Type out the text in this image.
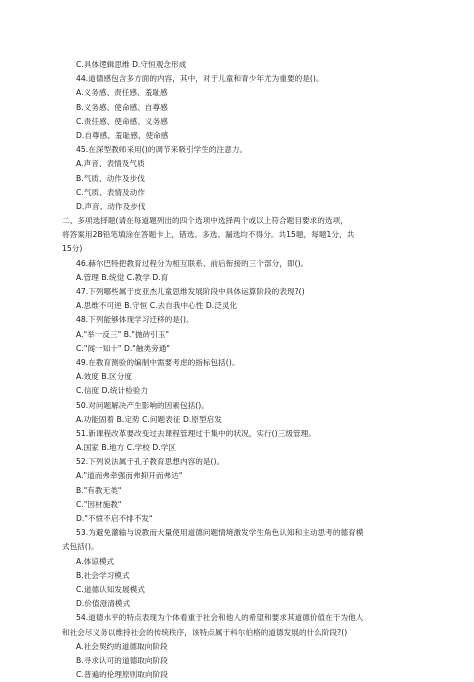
C.具体逻辑思维 D.守恒观念形成
44.道德感包含多方面的内容，其中，对于儿童和青少年尤为重要的是()。
A.义务感、责任感、羞耻感
B.义务感、使命感、自尊感
C.责任感、使命感、义务感
D.自尊感、羞耻感、使命感
45.在深型教师采用()的调节来吸引学生的注意力。
A.声音、表情及气质
B.气质、动作及步伐
C.气质、表情及动作
D.声音、动作及步伐
二、多项选择题(请在每道题列出的四个选项中选择两个或以上符合题目要求的选项，
将答案用2B铅笔填涂在答题卡上，错选、多选、漏选均不得分。共15题，每题1分，共
15分)
46.赫尔巴特把教育过程分为相互联系、前后衔接的三个部分，即()。
A.管理 B.统觉 C.教学 D.育
47.下列哪些属于皮亚杰儿童思维发展阶段中具体运算阶段的表现?()
A.思维不可逆 B.守恒 C.去自我中心性 D.泛灵化
48.下列能够体现学习迁移的是()。
A."举一反三" B."抛砖引玉"
C."闻一知十" D."触类旁通"
49.在教育测验的编制中需要考虑的指标包括()。
A.效度 B.区分度
C.信度 D.统计检验力
50.对问题解决产生影响的因素包括()。
A.功能固着 B.定势 C.问题表征 D.原型启发
51.新课程改革要改变过去课程管理过于集中的状况，实行()三级管理。
A.国家 B.地方 C.学校 D.学区
52.下列说法属于孔子教育思想内容的是()。
A."道而弗牵强而弗抑开而弗达"
B."有教无类"
C."因材施教"
D."不愤不启不悱不发"
53.为避免灌输与说教而大量使用道德问题情境激发学生角色认知和主动思考的德育模
式包括()。
A.体谅模式
B.社会学习模式
C.道德认知发展模式
D.价值澄清模式
54.道德水平的特点表现为个体看重于社会和他人的希望和要求其道德价值在于为他人
和社会尽义务以维持社会的传统秩序，该特点属于科尔伯格的道德发展的什么阶段?()
A.社会契约的道德取向阶段
B.寻求认可的道德取向阶段
C.普遍的伦理原则取向阶段
